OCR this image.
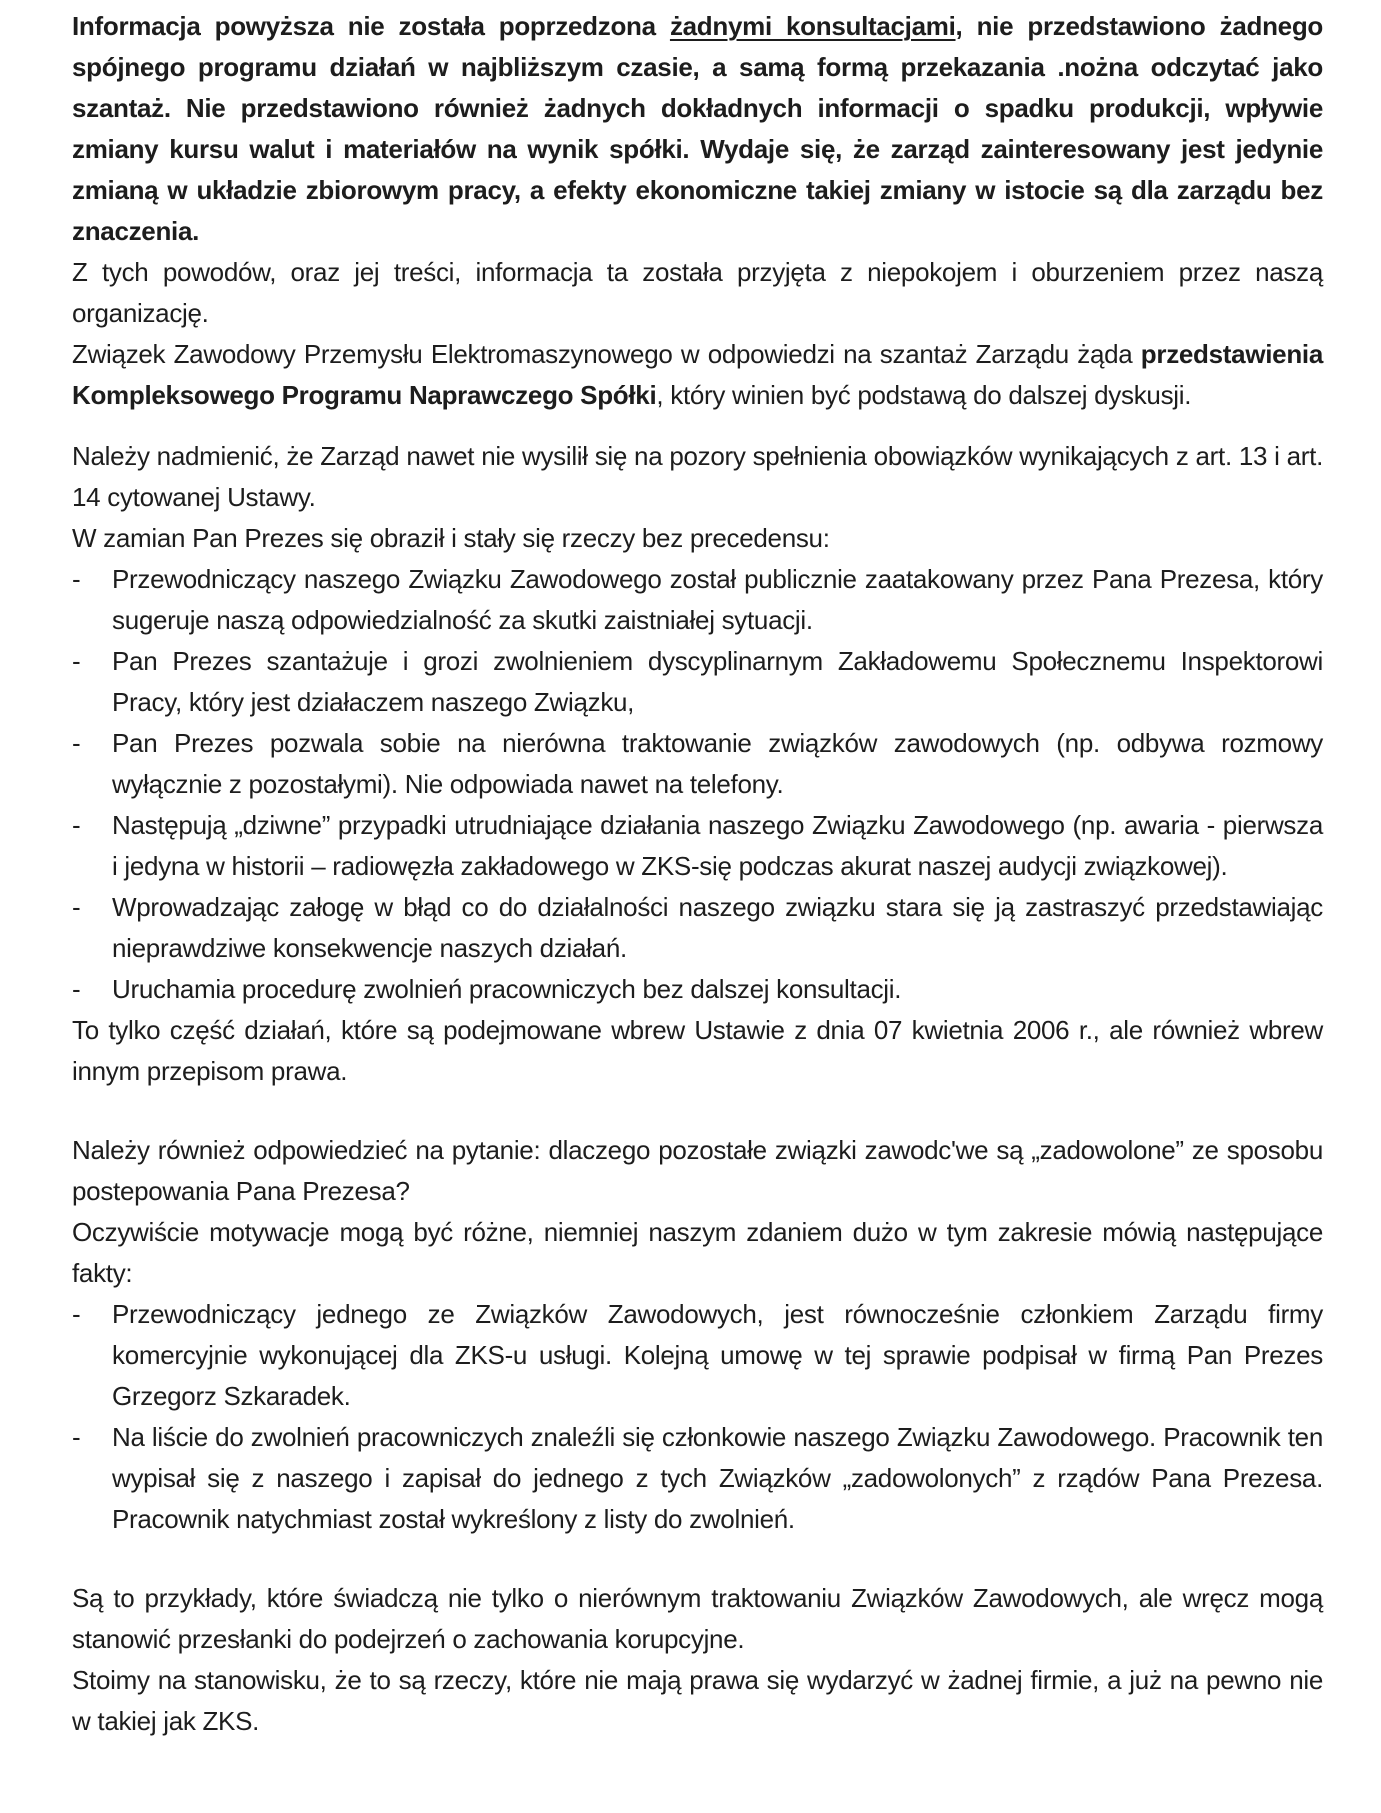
Informacja powyższa nie została poprzedzona żadnymi konsultacjami, nie przedstawiono żadnego spójnego programu działań w najbliższym czasie, a samą formą przekazania .nożna odczytać jako szantaż. Nie przedstawiono również żadnych dokładnych informacji o spadku produkcji, wpływie zmiany kursu walut i materiałów na wynik spółki. Wydaje się, że zarząd zainteresowany jest jedynie zmianą w układzie zbiorowym pracy, a efekty ekonomiczne takiej zmiany w istocie są dla zarządu bez znaczenia.

Z tych powodów, oraz jej treści, informacja ta została przyjęta z niepokojem i oburzeniem przez naszą organizację.

Związek Zawodowy Przemysłu Elektromaszynowego w odpowiedzi na szantaż Zarządu żąda przedstawienia Kompleksowego Programu Naprawczego Spółki, który winien być podstawą do dalszej dyskusji.

Należy nadmienić, że Zarząd nawet nie wysilił się na pozory spełnienia obowiązków wynikających z art. 13 i art. 14 cytowanej Ustawy.

W zamian Pan Prezes się obraził i stały się rzeczy bez precedensu:

-	Przewodniczący naszego Związku Zawodowego został publicznie zaatakowany przez Pana Prezesa, który sugeruje naszą odpowiedzialność za skutki zaistniałej sytuacji.
-	Pan Prezes szantażuje i grozi zwolnieniem dyscyplinarnym Zakładowemu Społecznemu Inspektorowi Pracy, który jest działaczem naszego Związku,
-	Pan Prezes pozwala sobie na nierówna traktowanie związków zawodowych (np. odbywa rozmowy wyłącznie z pozostałymi). Nie odpowiada nawet na telefony.
-	Następują „dziwne” przypadki utrudniające działania naszego Związku Zawodowego (np. awaria - pierwsza i jedyna w historii – radiowęzła zakładowego w ZKS-się podczas akurat naszej audycji związkowej).
-	Wprowadzając załogę w błąd co do działalności naszego związku stara się ją zastraszyć przedstawiając nieprawdziwe konsekwencje naszych działań.
-	Uruchamia procedurę zwolnień pracowniczych bez dalszej konsultacji.

To tylko część działań, które są podejmowane wbrew Ustawie z dnia 07 kwietnia 2006 r., ale również wbrew innym przepisom prawa.

Należy również odpowiedzieć na pytanie: dlaczego pozostałe związki zawodc'we są „zadowolone” ze sposobu postepowania Pana Prezesa?

Oczywiście motywacje mogą być różne, niemniej naszym zdaniem dużo w tym zakresie mówią następujące fakty:

-	Przewodniczący jednego ze Związków Zawodowych, jest równocześnie członkiem Zarządu firmy komercyjnie wykonującej dla ZKS-u usługi. Kolejną umowę w tej sprawie podpisał w firmą Pan Prezes Grzegorz Szkaradek.
-	Na liście do zwolnień pracowniczych znaleźli się członkowie naszego Związku Zawodowego. Pracownik ten wypisał się z naszego i zapisał do jednego z tych Związków „zadowolonych” z rządów Pana Prezesa. Pracownik natychmiast został wykreślony z listy do zwolnień.

Są to przykłady, które świadczą nie tylko o nierównym traktowaniu Związków Zawodowych, ale wręcz mogą stanowić przesłanki do podejrzeń o zachowania korupcyjne.

Stoimy na stanowisku, że to są rzeczy, które nie mają prawa się wydarzyć w żadnej firmie, a już na pewno nie w takiej jak ZKS.
